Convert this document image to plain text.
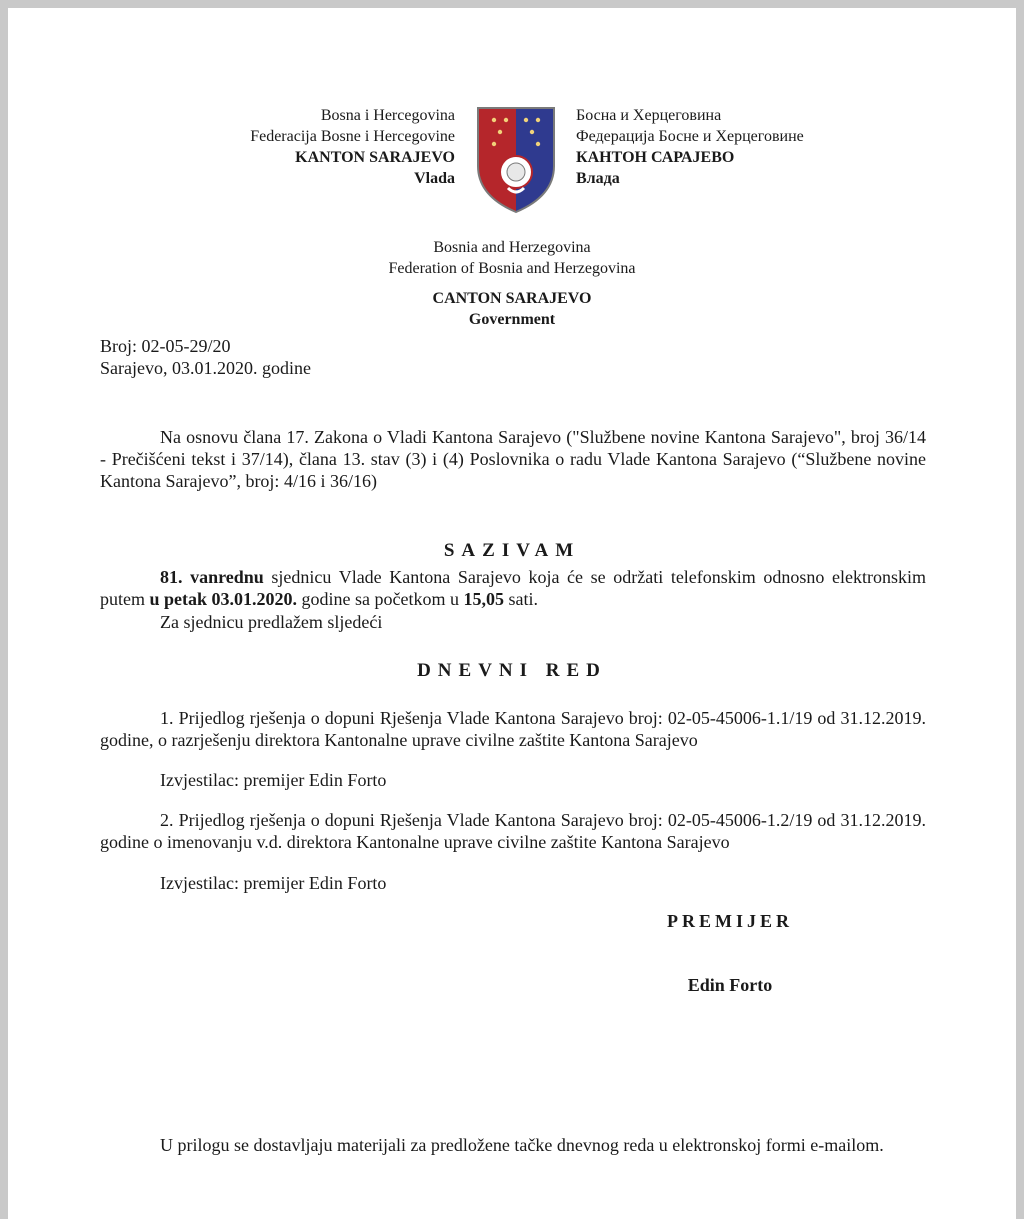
Bosna i Hercegovina
Federacija Bosne i Hercegovine
KANTON SARAJEVO
Vlada
Босна и Херцеговина
Федерација Босне и Херцеговине
КАНТОН САРАЈЕВО
Влада
Bosnia and Herzegovina
Federation of Bosnia and Herzegovina
CANTON SARAJEVO
Government
Broj: 02-05-29/20
Sarajevo, 03.01.2020. godine
Na osnovu člana 17. Zakona o Vladi Kantona Sarajevo ("Službene novine Kantona Sarajevo", broj 36/14 - Prečišćeni tekst i 37/14), člana 13. stav (3) i (4) Poslovnika o radu Vlade Kantona Sarajevo (“Službene novine Kantona Sarajevo”, broj: 4/16 i 36/16)
SAZIVAM
81. vanrednu sjednicu Vlade Kantona Sarajevo koja će se održati telefonskim odnosno elektronskim putem u petak 03.01.2020. godine sa početkom u 15,05 sati.
Za sjednicu predlažem sljedeći
DNEVNI RED
1. Prijedlog rješenja o dopuni Rješenja Vlade Kantona Sarajevo broj: 02-05-45006-1.1/19 od 31.12.2019. godine, o razrješenju direktora Kantonalne uprave civilne zaštite Kantona Sarajevo
Izvjestilac: premijer Edin Forto
2. Prijedlog rješenja o dopuni Rješenja Vlade Kantona Sarajevo broj: 02-05-45006-1.2/19 od 31.12.2019. godine o imenovanju v.d. direktora Kantonalne uprave civilne zaštite Kantona Sarajevo
Izvjestilac: premijer Edin Forto
PREMIJER
Edin Forto
U prilogu se dostavljaju materijali za predložene tačke dnevnog reda u elektronskoj formi e-mailom.
